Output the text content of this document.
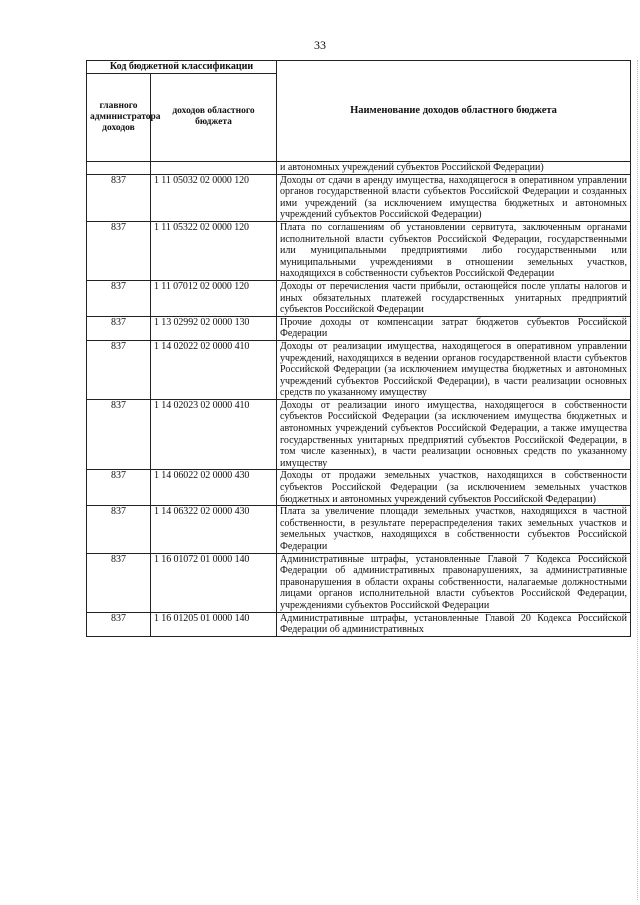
33
Код бюджетной классификации		Наименование доходов областного бюджета
главного администратора доходов	доходов областного бюджета	
		и автономных учреждений субъектов Российской Федерации)
837	1 11 05032 02 0000 120	Доходы от сдачи в аренду имущества, находящегося в оперативном управлении органов государственной власти субъектов Российской Федерации и созданных ими учреждений (за исключением имущества бюджетных и автономных учреждений субъектов Российской Федерации)
837	1 11 05322 02 0000 120	Плата по соглашениям об установлении сервитута, заключенным органами исполнительной власти субъектов Российской Федерации, государственными или муниципальными предприятиями либо государственными или муниципальными учреждениями в отношении земельных участков, находящихся в собственности субъектов Российской Федерации
837	1 11 07012 02 0000 120	Доходы от перечисления части прибыли, остающейся после уплаты налогов и иных обязательных платежей государственных унитарных предприятий субъектов Российской Федерации
837	1 13 02992 02 0000 130	Прочие доходы от компенсации затрат бюджетов субъектов Российской Федерации
837	1 14 02022 02 0000 410	Доходы от реализации имущества, находящегося в оперативном управлении учреждений, находящихся в ведении органов государственной власти субъектов Российской Федерации (за исключением имущества бюджетных и автономных учреждений субъектов Российской Федерации), в части реализации основных средств по указанному имуществу
837	1 14 02023 02 0000 410	Доходы от реализации иного имущества, находящегося в собственности субъектов Российской Федерации (за исключением имущества бюджетных и автономных учреждений субъектов Российской Федерации, а также имущества государственных унитарных предприятий субъектов Российской Федерации, в том числе казенных), в части реализации основных средств по указанному имуществу
837	1 14 06022 02 0000 430	Доходы от продажи земельных участков, находящихся в собственности субъектов Российской Федерации (за исключением земельных участков бюджетных и автономных учреждений субъектов Российской Федерации)
837	1 14 06322 02 0000 430	Плата за увеличение площади земельных участков, находящихся в частной собственности, в результате перераспределения таких земельных участков и земельных участков, находящихся в собственности субъектов Российской Федерации
837	1 16 01072 01 0000 140	Административные штрафы, установленные Главой 7 Кодекса Российской Федерации об административных правонарушениях, за административные правонарушения в области охраны собственности, налагаемые должностными лицами органов исполнительной власти субъектов Российской Федерации, учреждениями субъектов Российской Федерации
837	1 16 01205 01 0000 140	Административные штрафы, установленные Главой 20 Кодекса Российской Федерации об административных
